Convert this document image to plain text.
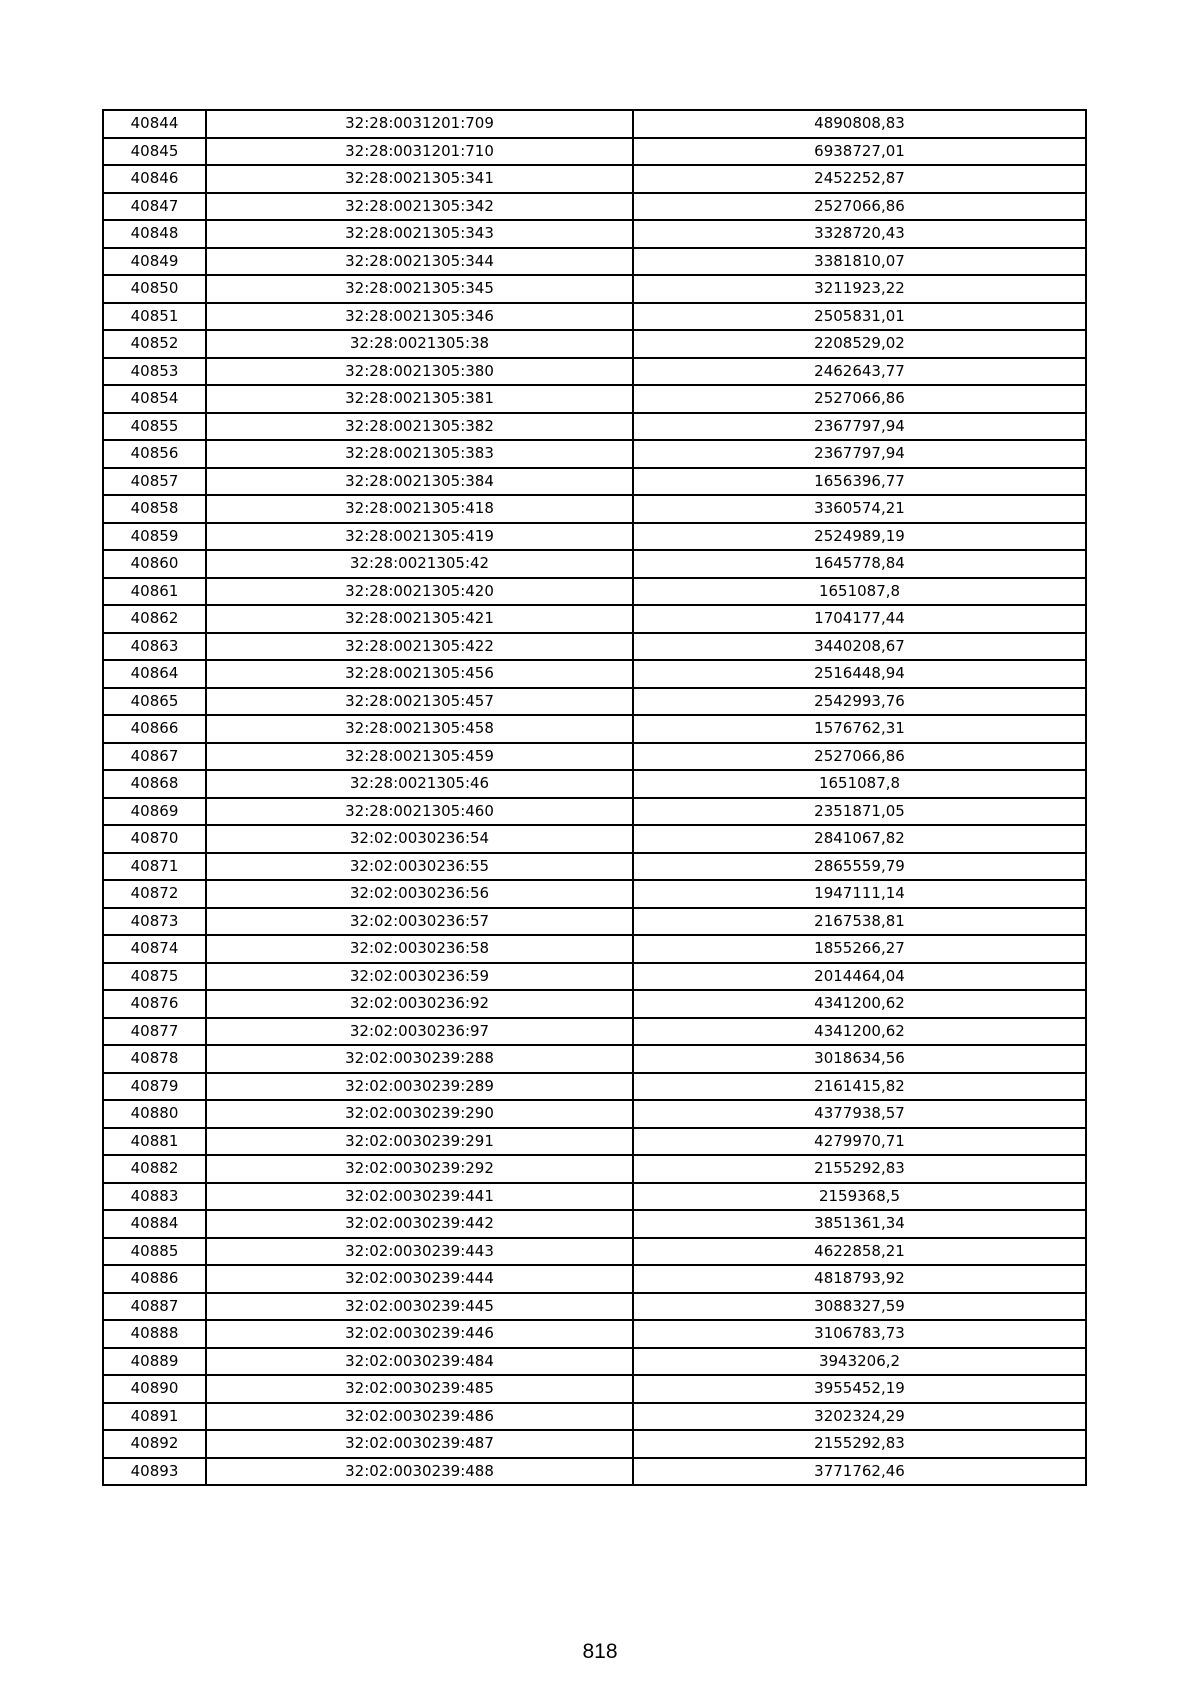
40844	32:28:0031201:709	4890808,83
40845	32:28:0031201:710	6938727,01
40846	32:28:0021305:341	2452252,87
40847	32:28:0021305:342	2527066,86
40848	32:28:0021305:343	3328720,43
40849	32:28:0021305:344	3381810,07
40850	32:28:0021305:345	3211923,22
40851	32:28:0021305:346	2505831,01
40852	32:28:0021305:38	2208529,02
40853	32:28:0021305:380	2462643,77
40854	32:28:0021305:381	2527066,86
40855	32:28:0021305:382	2367797,94
40856	32:28:0021305:383	2367797,94
40857	32:28:0021305:384	1656396,77
40858	32:28:0021305:418	3360574,21
40859	32:28:0021305:419	2524989,19
40860	32:28:0021305:42	1645778,84
40861	32:28:0021305:420	1651087,8
40862	32:28:0021305:421	1704177,44
40863	32:28:0021305:422	3440208,67
40864	32:28:0021305:456	2516448,94
40865	32:28:0021305:457	2542993,76
40866	32:28:0021305:458	1576762,31
40867	32:28:0021305:459	2527066,86
40868	32:28:0021305:46	1651087,8
40869	32:28:0021305:460	2351871,05
40870	32:02:0030236:54	2841067,82
40871	32:02:0030236:55	2865559,79
40872	32:02:0030236:56	1947111,14
40873	32:02:0030236:57	2167538,81
40874	32:02:0030236:58	1855266,27
40875	32:02:0030236:59	2014464,04
40876	32:02:0030236:92	4341200,62
40877	32:02:0030236:97	4341200,62
40878	32:02:0030239:288	3018634,56
40879	32:02:0030239:289	2161415,82
40880	32:02:0030239:290	4377938,57
40881	32:02:0030239:291	4279970,71
40882	32:02:0030239:292	2155292,83
40883	32:02:0030239:441	2159368,5
40884	32:02:0030239:442	3851361,34
40885	32:02:0030239:443	4622858,21
40886	32:02:0030239:444	4818793,92
40887	32:02:0030239:445	3088327,59
40888	32:02:0030239:446	3106783,73
40889	32:02:0030239:484	3943206,2
40890	32:02:0030239:485	3955452,19
40891	32:02:0030239:486	3202324,29
40892	32:02:0030239:487	2155292,83
40893	32:02:0030239:488	3771762,46
818
